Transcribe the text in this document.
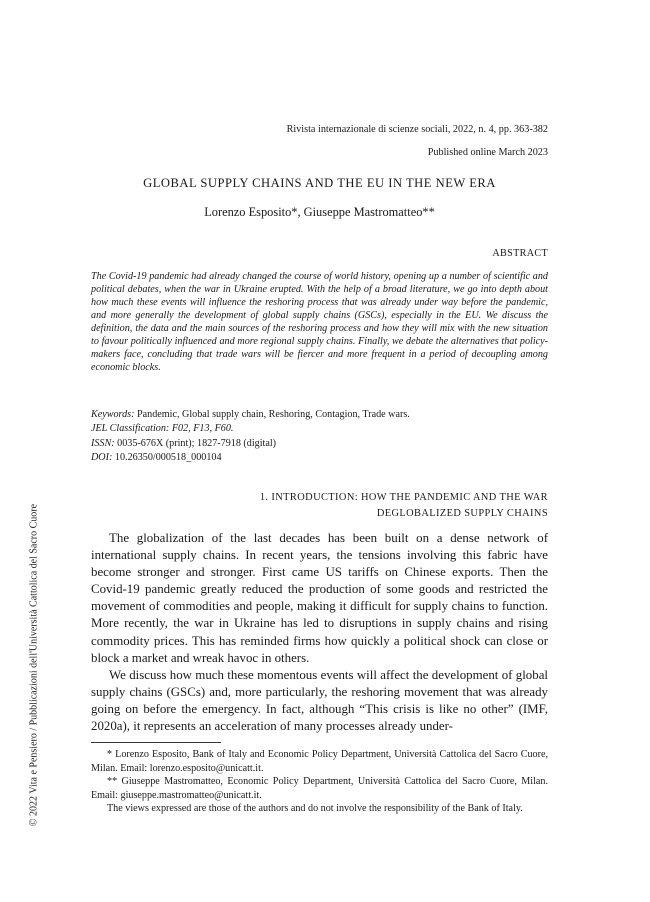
© 2022 Vita e Pensiero / Pubblicazioni dell'Università Cattolica del Sacro Cuore
Rivista internazionale di scienze sociali, 2022, n. 4, pp. 363-382
Published online March 2023
GLOBAL SUPPLY CHAINS AND THE EU IN THE NEW ERA
Lorenzo Esposito*, Giuseppe Mastromatteo**
ABSTRACT

The Covid-19 pandemic had already changed the course of world history, opening up a number of scientific and political debates, when the war in Ukraine erupted. With the help of a broad literature, we go into depth about how much these events will influence the reshoring process that was already under way before the pandemic, and more generally the development of global supply chains (GSCs), especially in the EU. We discuss the definition, the data and the main sources of the reshoring process and how they will mix with the new situation to favour politically influenced and more regional supply chains. Finally, we debate the alternatives that policy-makers face, concluding that trade wars will be fiercer and more frequent in a period of decoupling among economic blocks.

Keywords: Pandemic, Global supply chain, Reshoring, Contagion, Trade wars.
JEL Classification: F02, F13, F60.
ISSN: 0035-676X (print); 1827-7918 (digital)
DOI: 10.26350/000518_000104
1. INTRODUCTION: HOW THE PANDEMIC AND THE WAR
DEGLOBALIZED SUPPLY CHAINS

The globalization of the last decades has been built on a dense network of international supply chains. In recent years, the tensions involving this fabric have become stronger and stronger. First came US tariffs on Chinese exports. Then the Covid-19 pandemic greatly reduced the production of some goods and restricted the movement of commodities and people, making it difficult for supply chains to function. More recently, the war in Ukraine has led to disruptions in supply chains and rising commodity prices. This has reminded firms how quickly a political shock can close or block a market and wreak havoc in others.

We discuss how much these momentous events will affect the development of global supply chains (GSCs) and, more particularly, the reshoring movement that was already going on before the emergency. In fact, although “This crisis is like no other” (IMF, 2020a), it represents an acceleration of many processes already under-

* Lorenzo Esposito, Bank of Italy and Economic Policy Department, Università Cattolica del Sacro Cuore, Milan. Email: lorenzo.esposito@unicatt.it.

** Giuseppe Mastromatteo, Economic Policy Department, Università Cattolica del Sacro Cuore, Milan. Email: giuseppe.mastromatteo@unicatt.it.

The views expressed are those of the authors and do not involve the responsibility of the Bank of Italy.
